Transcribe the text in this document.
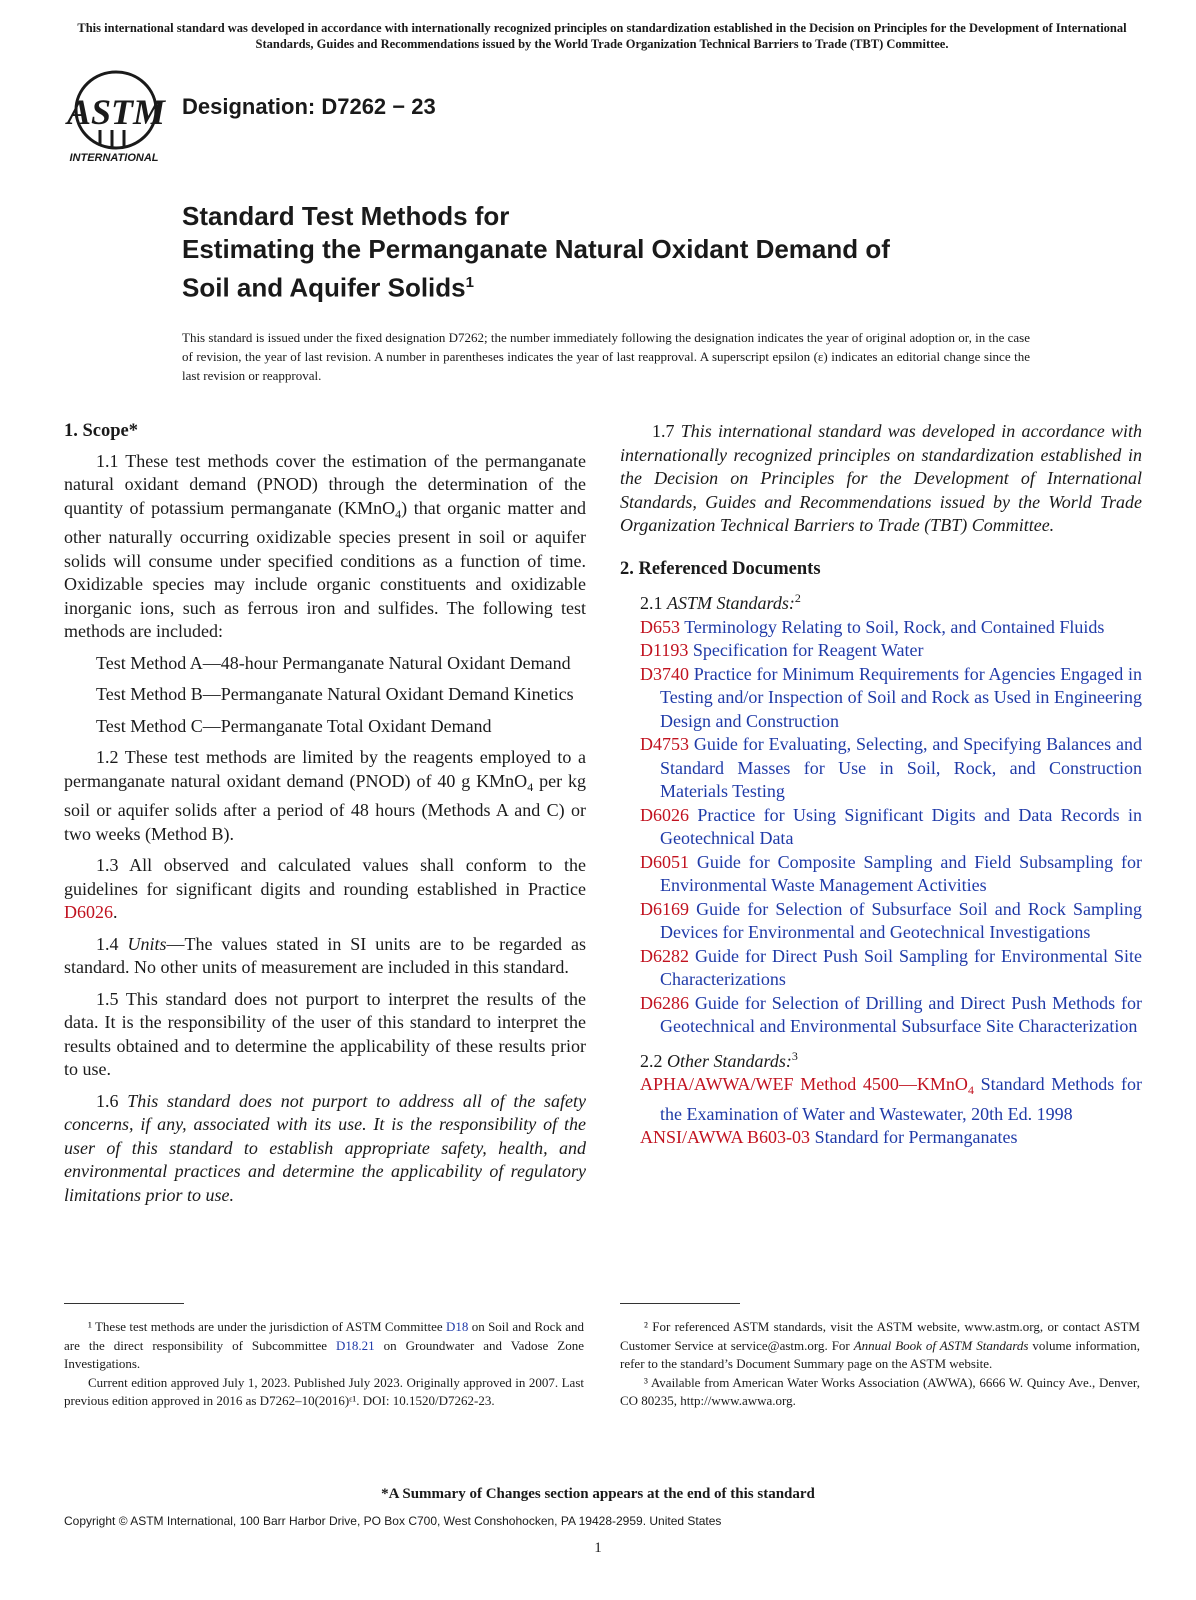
This international standard was developed in accordance with internationally recognized principles on standardization established in the Decision on Principles for the Development of International Standards, Guides and Recommendations issued by the World Trade Organization Technical Barriers to Trade (TBT) Committee.
ASTM
INTERNATIONAL
Designation: D7262 − 23
Standard Test Methods for
Estimating the Permanganate Natural Oxidant Demand of
Soil and Aquifer Solids$^1$
This standard is issued under the fixed designation D7262; the number immediately following the designation indicates the year of original adoption or, in the case of revision, the year of last revision. A number in parentheses indicates the year of last reapproval. A superscript epsilon (ε) indicates an editorial change since the last revision or reapproval.
1. Scope*

1.1 These test methods cover the estimation of the permanganate natural oxidant demand (PNOD) through the determination of the quantity of potassium permanganate (KMnO$_4$) that organic matter and other naturally occurring oxidizable species present in soil or aquifer solids will consume under specified conditions as a function of time. Oxidizable species may include organic constituents and oxidizable inorganic ions, such as ferrous iron and sulfides. The following test methods are included:

Test Method A—48-hour Permanganate Natural Oxidant Demand

Test Method B—Permanganate Natural Oxidant Demand Kinetics

Test Method C—Permanganate Total Oxidant Demand

1.2 These test methods are limited by the reagents employed to a permanganate natural oxidant demand (PNOD) of 40 g KMnO$_4$ per kg soil or aquifer solids after a period of 48 hours (Methods A and C) or two weeks (Method B).

1.3 All observed and calculated values shall conform to the guidelines for significant digits and rounding established in Practice D6026.

1.4 Units—The values stated in SI units are to be regarded as standard. No other units of measurement are included in this standard.

1.5 This standard does not purport to interpret the results of the data. It is the responsibility of the user of this standard to interpret the results obtained and to determine the applicability of these results prior to use.

1.6 This standard does not purport to address all of the safety concerns, if any, associated with its use. It is the responsibility of the user of this standard to establish appropriate safety, health, and environmental practices and determine the applicability of regulatory limitations prior to use.

1.7 This international standard was developed in accordance with internationally recognized principles on standardization established in the Decision on Principles for the Development of International Standards, Guides and Recommendations issued by the World Trade Organization Technical Barriers to Trade (TBT) Committee.

2. Referenced Documents

2.1 ASTM Standards:$^2$

D653 Terminology Relating to Soil, Rock, and Contained Fluids
D1193 Specification for Reagent Water
D3740 Practice for Minimum Requirements for Agencies Engaged in Testing and/or Inspection of Soil and Rock as Used in Engineering Design and Construction
D4753 Guide for Evaluating, Selecting, and Specifying Balances and Standard Masses for Use in Soil, Rock, and Construction Materials Testing
D6026 Practice for Using Significant Digits and Data Records in Geotechnical Data
D6051 Guide for Composite Sampling and Field Subsampling for Environmental Waste Management Activities
D6169 Guide for Selection of Subsurface Soil and Rock Sampling Devices for Environmental and Geotechnical Investigations
D6282 Guide for Direct Push Soil Sampling for Environmental Site Characterizations
D6286 Guide for Selection of Drilling and Direct Push Methods for Geotechnical and Environmental Subsurface Site Characterization

2.2 Other Standards:$^3$

APHA/AWWA/WEF Method 4500—KMnO$_4$ Standard Methods for the Examination of Water and Wastewater, 20th Ed. 1998
ANSI/AWWA B603-03 Standard for Permanganates

¹ These test methods are under the jurisdiction of ASTM Committee D18 on Soil and Rock and are the direct responsibility of Subcommittee D18.21 on Groundwater and Vadose Zone Investigations.

Current edition approved July 1, 2023. Published July 2023. Originally approved in 2007. Last previous edition approved in 2016 as D7262–10(2016)ᵋ¹. DOI: 10.1520/D7262-23.

² For referenced ASTM standards, visit the ASTM website, www.astm.org, or contact ASTM Customer Service at service@astm.org. For Annual Book of ASTM Standards volume information, refer to the standard’s Document Summary page on the ASTM website.

³ Available from American Water Works Association (AWWA), 6666 W. Quincy Ave., Denver, CO 80235, http://www.awwa.org.

*A Summary of Changes section appears at the end of this standard
Copyright © ASTM International, 100 Barr Harbor Drive, PO Box C700, West Conshohocken, PA 19428-2959. United States
1
